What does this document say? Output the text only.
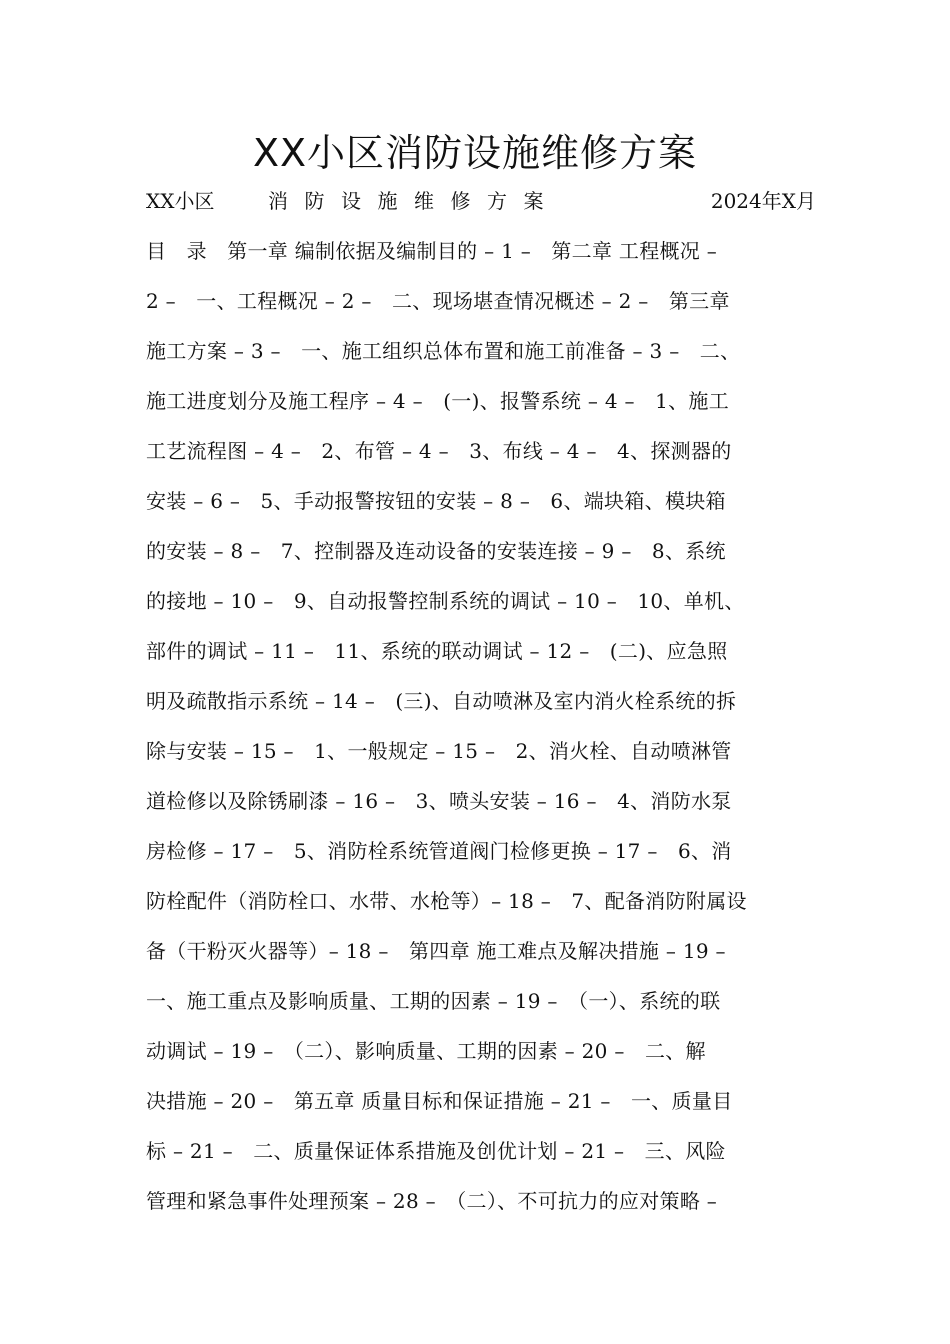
XX小区消防设施维修方案
XX小区	消防设施维修方案	2024年X月
目　录　第一章 编制依据及编制目的 – 1 –　第二章 工程概况 –
2 –　一、工程概况 – 2 –　二、现场堪查情况概述 – 2 –　第三章
施工方案 – 3 –　一、施工组织总体布置和施工前准备 – 3 –　二、
施工进度划分及施工程序 – 4 –　(一)、报警系统 – 4 –　1、施工
工艺流程图 – 4 –　2、布管 – 4 –　3、布线 – 4 –　4、探测器的
安装 – 6 –　5、手动报警按钮的安装 – 8 –　6、端块箱、模块箱
的安装 – 8 –　7、控制器及连动设备的安装连接 – 9 –　8、系统
的接地 – 10 –　9、自动报警控制系统的调试 – 10 –　10、单机、
部件的调试 – 11 –　11、系统的联动调试 – 12 –　(二)、应急照
明及疏散指示系统 – 14 –　(三)、自动喷淋及室内消火栓系统的拆
除与安装 – 15 –　1、一般规定 – 15 –　2、消火栓、自动喷淋管
道检修以及除锈刷漆 – 16 –　3、喷头安装 – 16 –　4、消防水泵
房检修 – 17 –　5、消防栓系统管道阀门检修更换 – 17 –　6、消
防栓配件（消防栓口、水带、水枪等）– 18 –　7、配备消防附属设
备（干粉灭火器等）– 18 –　第四章 施工难点及解决措施 – 19 –
一、施工重点及影响质量、工期的因素 – 19 –　（一）、系统的联
动调试 – 19 –　（二）、影响质量、工期的因素 – 20 –　二、解
决措施 – 20 –　第五章 质量目标和保证措施 – 21 –　一、质量目
标 – 21 –　二、质量保证体系措施及创优计划 – 21 –　三、风险
管理和紧急事件处理预案 – 28 –　（二）、不可抗力的应对策略 –
